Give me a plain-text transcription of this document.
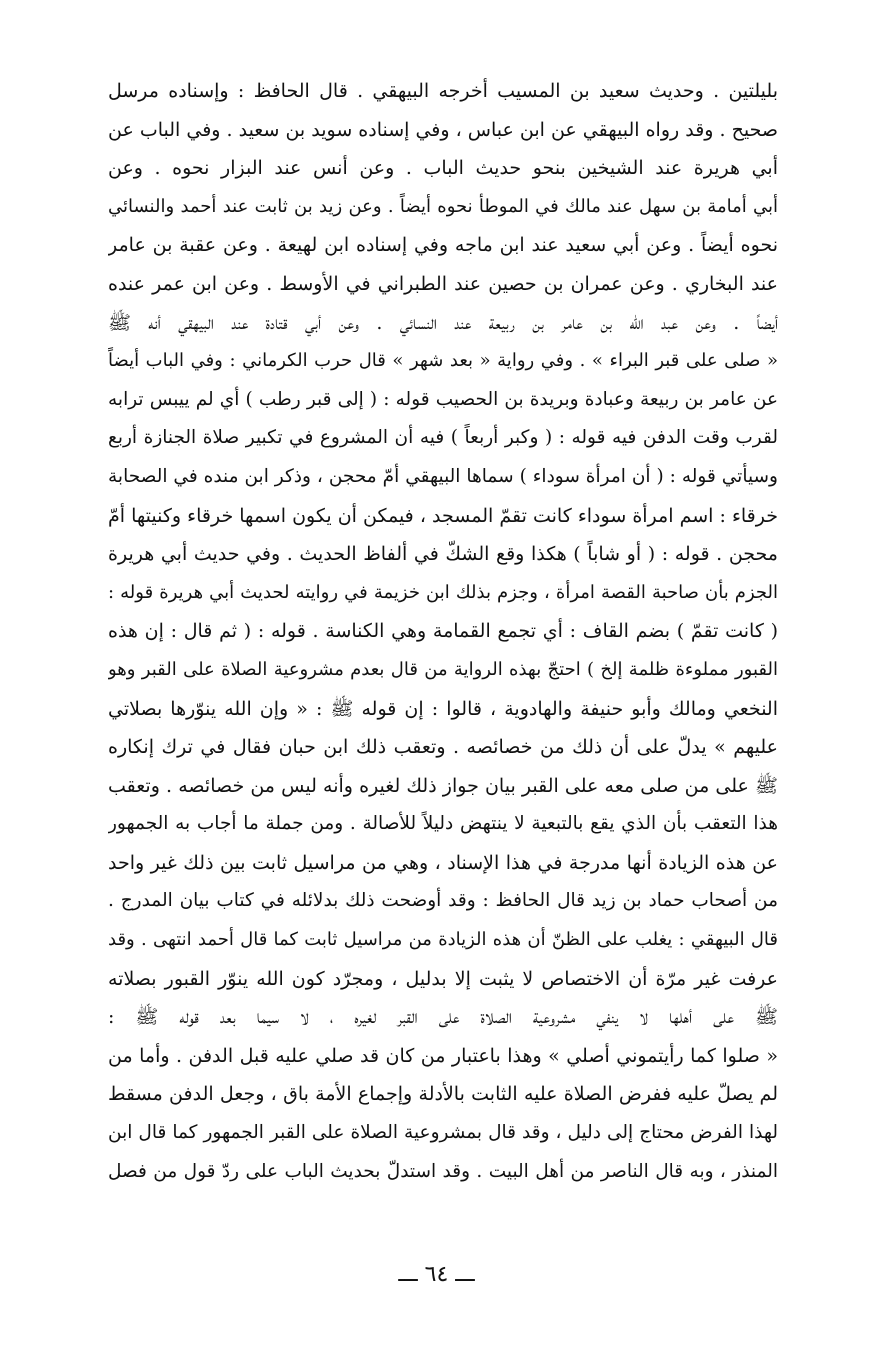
بليلتين . وحديث سعيد بن المسيب أخرجه البيهقي . قال الحافظ : وإسناده مرسل
صحيح . وقد رواه البيهقي عن ابن عباس ، وفي إسناده سويد بن سعيد . وفي الباب عن
أبي هريرة عند الشيخين بنحو حديث الباب . وعن أنس عند البزار نحوه . وعن
أبي أمامة بن سهل عند مالك في الموطأ نحوه أيضاً . وعن زيد بن ثابت عند أحمد والنسائي
نحوه أيضاً . وعن أبي سعيد عند ابن ماجه وفي إسناده ابن لهيعة . وعن عقبة بن عامر
عند البخاري . وعن عمران بن حصين عند الطبراني في الأوسط . وعن ابن عمر عنده
أيضاً . وعن عبد الله بن عامر بن ربيعة عند النسائي . وعن أبي قتادة عند البيهقي أنه ﷺ
« صلى على قبر البراء » . وفي رواية « بعد شهر » قال حرب الكرماني : وفي الباب أيضاً
عن عامر بن ربيعة وعبادة وبريدة بن الحصيب قوله : ( إلى قبر رطب ) أي لم ييبس ترابه
لقرب وقت الدفن فيه قوله : ( وكبر أربعاً ) فيه أن المشروع في تكبير صلاة الجنازة أربع
وسيأتي قوله : ( أن امرأة سوداء ) سماها البيهقي أمّ محجن ، وذكر ابن منده في الصحابة
خرقاء : اسم امرأة سوداء كانت تقمّ المسجد ، فيمكن أن يكون اسمها خرقاء وكنيتها أمّ
محجن . قوله : ( أو شاباً ) هكذا وقع الشكّ في ألفاظ الحديث . وفي حديث أبي هريرة
الجزم بأن صاحبة القصة امرأة ، وجزم بذلك ابن خزيمة في روايته لحديث أبي هريرة قوله :
( كانت تقمّ ) بضم القاف : أي تجمع القمامة وهي الكناسة . قوله : ( ثم قال : إن هذه
القبور مملوءة ظلمة إلخ ) احتجّ بهذه الرواية من قال بعدم مشروعية الصلاة على القبر وهو
النخعي ومالك وأبو حنيفة والهادوية ، قالوا : إن قوله ﷺ : « وإن الله ينوّرها بصلاتي
عليهم » يدلّ على أن ذلك من خصائصه . وتعقب ذلك ابن حبان فقال في ترك إنكاره
ﷺ على من صلى معه على القبر بيان جواز ذلك لغيره وأنه ليس من خصائصه . وتعقب
هذا التعقب بأن الذي يقع بالتبعية لا ينتهض دليلاً للأصالة . ومن جملة ما أجاب به الجمهور
عن هذه الزيادة أنها مدرجة في هذا الإسناد ، وهي من مراسيل ثابت بين ذلك غير واحد
من أصحاب حماد بن زيد قال الحافظ : وقد أوضحت ذلك بدلائله في كتاب بيان المدرج .
قال البيهقي : يغلب على الظنّ أن هذه الزيادة من مراسيل ثابت كما قال أحمد انتهى . وقد
عرفت غير مرّة أن الاختصاص لا يثبت إلا بدليل ، ومجرّد كون الله ينوّر القبور بصلاته
ﷺ على أهلها لا ينفي مشروعية الصلاة على القبر لغيره ، لا سيما بعد قوله ﷺ :
« صلوا كما رأيتموني أصلي » وهذا باعتبار من كان قد صلي عليه قبل الدفن . وأما من
لم يصلّ عليه ففرض الصلاة عليه الثابت بالأدلة وإجماع الأمة باق ، وجعل الدفن مسقط
لهذا الفرض محتاج إلى دليل ، وقد قال بمشروعية الصلاة على القبر الجمهور كما قال ابن
المنذر ، وبه قال الناصر من أهل البيت . وقد استدلّ بحديث الباب على ردّ قول من فصل
ـــ ٦٤ ـــ
